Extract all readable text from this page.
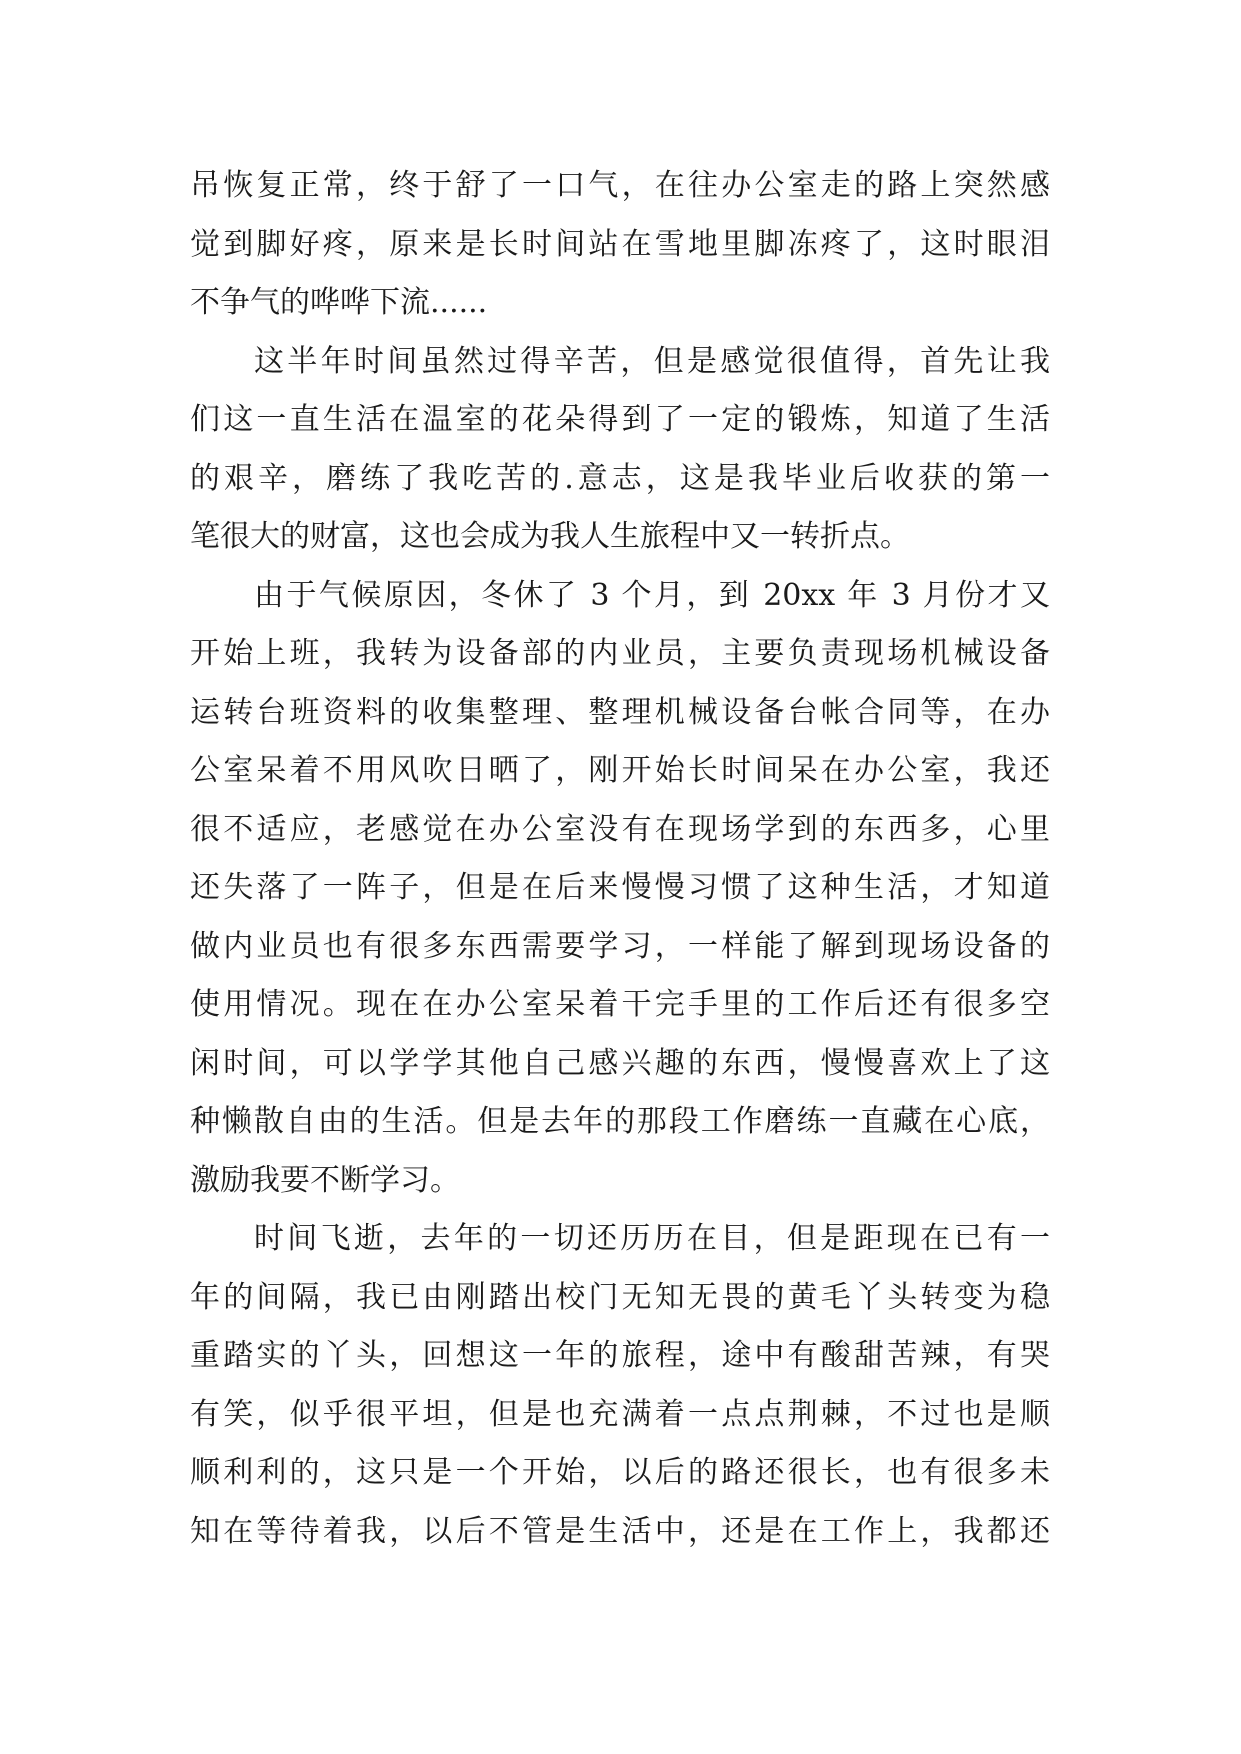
吊恢复正常，终于舒了一口气，在往办公室走的路上突然感
觉到脚好疼，原来是长时间站在雪地里脚冻疼了，这时眼泪
不争气的哗哗下流......
这半年时间虽然过得辛苦，但是感觉很值得，首先让我
们这一直生活在温室的花朵得到了一定的锻炼，知道了生活
的艰辛，磨练了我吃苦的.意志，这是我毕业后收获的第一
笔很大的财富，这也会成为我人生旅程中又一转折点。
由于气候原因，冬休了 3 个月，到 20xx 年 3 月份才又
开始上班，我转为设备部的内业员，主要负责现场机械设备
运转台班资料的收集整理、整理机械设备台帐合同等，在办
公室呆着不用风吹日晒了，刚开始长时间呆在办公室，我还
很不适应，老感觉在办公室没有在现场学到的东西多，心里
还失落了一阵子，但是在后来慢慢习惯了这种生活，才知道
做内业员也有很多东西需要学习，一样能了解到现场设备的
使用情况。现在在办公室呆着干完手里的工作后还有很多空
闲时间，可以学学其他自己感兴趣的东西，慢慢喜欢上了这
种懒散自由的生活。但是去年的那段工作磨练一直藏在心底，
激励我要不断学习。
时间飞逝，去年的一切还历历在目，但是距现在已有一
年的间隔，我已由刚踏出校门无知无畏的黄毛丫头转变为稳
重踏实的丫头，回想这一年的旅程，途中有酸甜苦辣，有哭
有笑，似乎很平坦，但是也充满着一点点荆棘，不过也是顺
顺利利的，这只是一个开始，以后的路还很长，也有很多未
知在等待着我，以后不管是生活中，还是在工作上，我都还
